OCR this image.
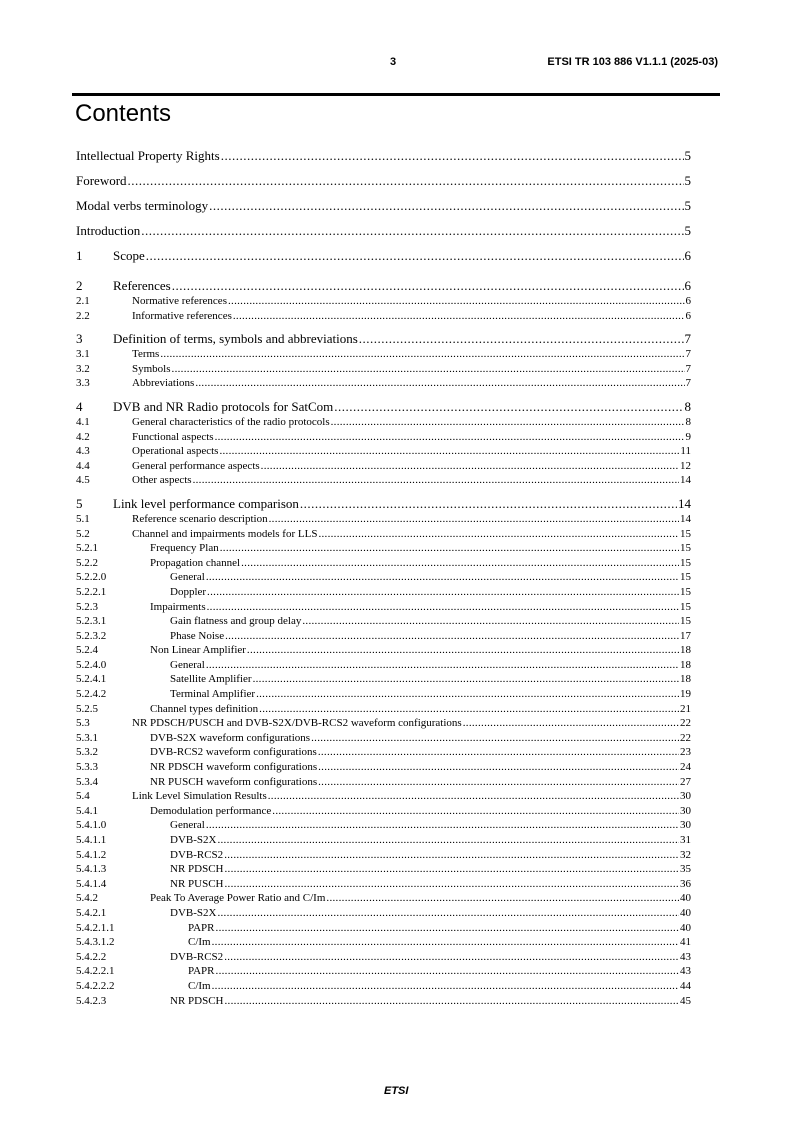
3	ETSI TR 103 886 V1.1.1 (2025-03)
Contents
Intellectual Property Rights .....	5
Foreword .....	5
Modal verbs terminology .....	5
Introduction .....	5
1 Scope .....	6
2 References .....	6
2.1	Normative references .....	6
2.2	Informative references .....	6
3 Definition of terms, symbols and abbreviations .....	7
3.1	Terms .....	7
3.2	Symbols .....	7
3.3	Abbreviations .....	7
4 DVB and NR Radio protocols for SatCom .....	8
4.1	General characteristics of the radio protocols .....	8
4.2	Functional aspects .....	9
4.3	Operational aspects .....	11
4.4	General performance aspects .....	12
4.5	Other aspects .....	14
5 Link level performance comparison .....	14
5.1	Reference scenario description .....	14
5.2	Channel and impairments models for LLS .....	15
5.2.1	Frequency Plan .....	15
5.2.2	Propagation channel .....	15
5.2.2.0	General .....	15
5.2.2.1	Doppler .....	15
5.2.3	Impairments .....	15
5.2.3.1	Gain flatness and group delay .....	15
5.2.3.2	Phase Noise .....	17
5.2.4	Non Linear Amplifier .....	18
5.2.4.0	General .....	18
5.2.4.1	Satellite Amplifier .....	18
5.2.4.2	Terminal Amplifier .....	19
5.2.5	Channel types definition .....	21
5.3	NR PDSCH/PUSCH and DVB-S2X/DVB-RCS2 waveform configurations .....	22
5.3.1	DVB-S2X waveform configurations .....	22
5.3.2	DVB-RCS2 waveform configurations .....	23
5.3.3	NR PDSCH waveform configurations .....	24
5.3.4	NR PUSCH waveform configurations .....	27
5.4	Link Level Simulation Results .....	30
5.4.1	Demodulation performance .....	30
5.4.1.0	General .....	30
5.4.1.1	DVB-S2X .....	31
5.4.1.2	DVB-RCS2 .....	32
5.4.1.3	NR PDSCH .....	35
5.4.1.4	NR PUSCH .....	36
5.4.2	Peak To Average Power Ratio and C/Im .....	40
5.4.2.1	DVB-S2X .....	40
5.4.2.1.1	PAPR .....	40
5.4.3.1.2	C/Im .....	41
5.4.2.2	DVB-RCS2 .....	43
5.4.2.2.1	PAPR .....	43
5.4.2.2.2	C/Im .....	44
5.4.2.3	NR PDSCH .....	45
ETSI
